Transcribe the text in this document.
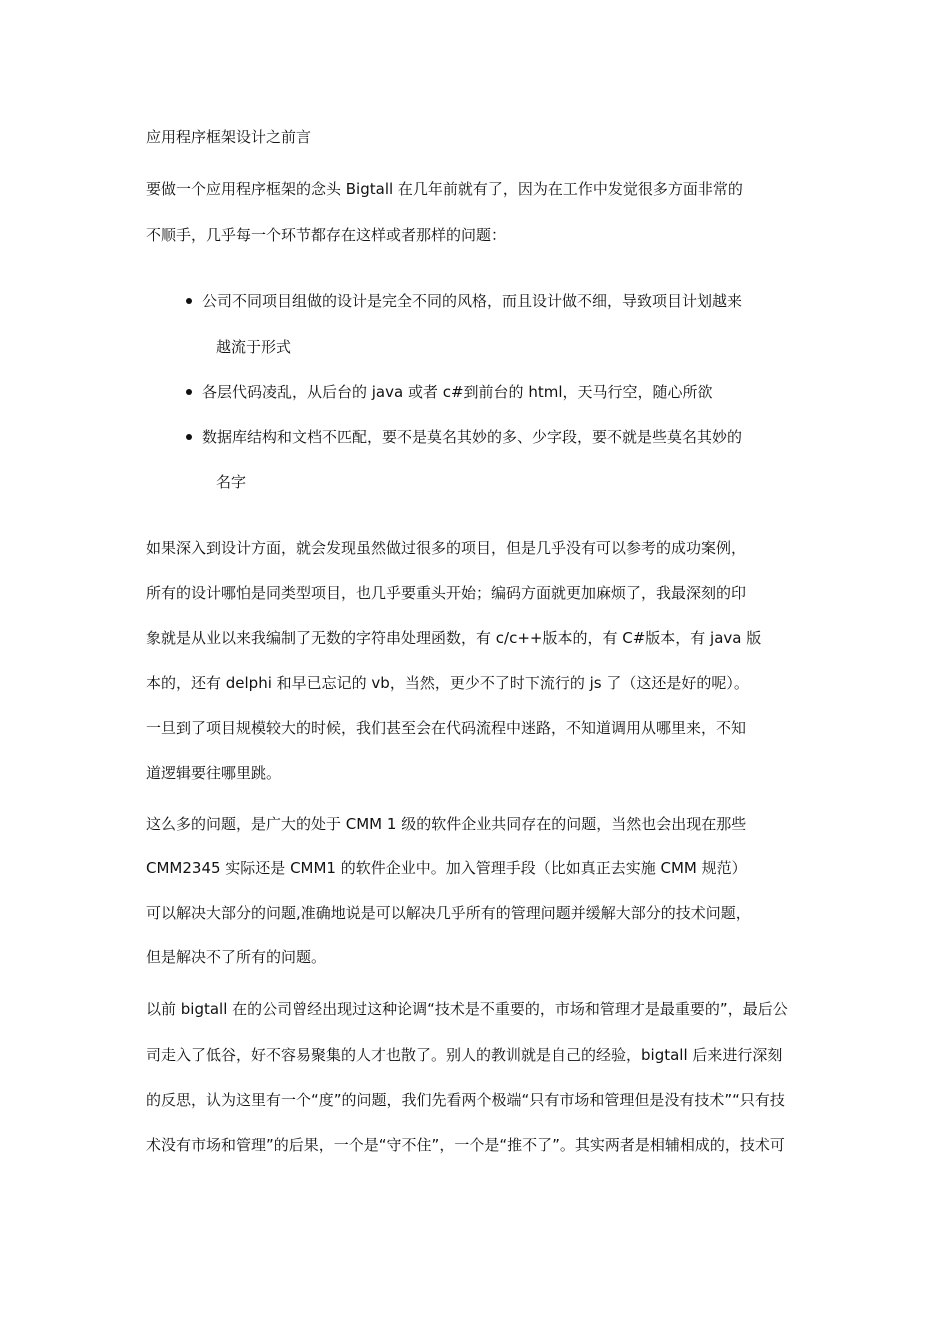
应用程序框架设计之前言
要做一个应用程序框架的念头 Bigtall 在几年前就有了，因为在工作中发觉很多方面非常的
不顺手，几乎每一个环节都存在这样或者那样的问题：
公司不同项目组做的设计是完全不同的风格，而且设计做不细，导致项目计划越来
越流于形式
各层代码凌乱，从后台的 java 或者 c#到前台的 html，天马行空，随心所欲
数据库结构和文档不匹配，要不是莫名其妙的多、少字段，要不就是些莫名其妙的
名字
如果深入到设计方面，就会发现虽然做过很多的项目，但是几乎没有可以参考的成功案例，
所有的设计哪怕是同类型项目，也几乎要重头开始；编码方面就更加麻烦了，我最深刻的印
象就是从业以来我编制了无数的字符串处理函数，有 c/c++版本的，有 C#版本，有 java 版
本的，还有 delphi 和早已忘记的 vb，当然，更少不了时下流行的 js 了（这还是好的呢）。
一旦到了项目规模较大的时候，我们甚至会在代码流程中迷路，不知道调用从哪里来，不知
道逻辑要往哪里跳。
这么多的问题，是广大的处于 CMM 1 级的软件企业共同存在的问题，当然也会出现在那些
CMM2345 实际还是 CMM1 的软件企业中。加入管理手段（比如真正去实施 CMM 规范）
可以解决大部分的问题,准确地说是可以解决几乎所有的管理问题并缓解大部分的技术问题，
但是解决不了所有的问题。
以前 bigtall 在的公司曾经出现过这种论调“技术是不重要的，市场和管理才是最重要的”，最后公
司走入了低谷，好不容易聚集的人才也散了。别人的教训就是自己的经验，bigtall 后来进行深刻
的反思，认为这里有一个“度”的问题，我们先看两个极端“只有市场和管理但是没有技术”“只有技
术没有市场和管理”的后果，一个是“守不住”，一个是“推不了”。其实两者是相辅相成的，技术可
